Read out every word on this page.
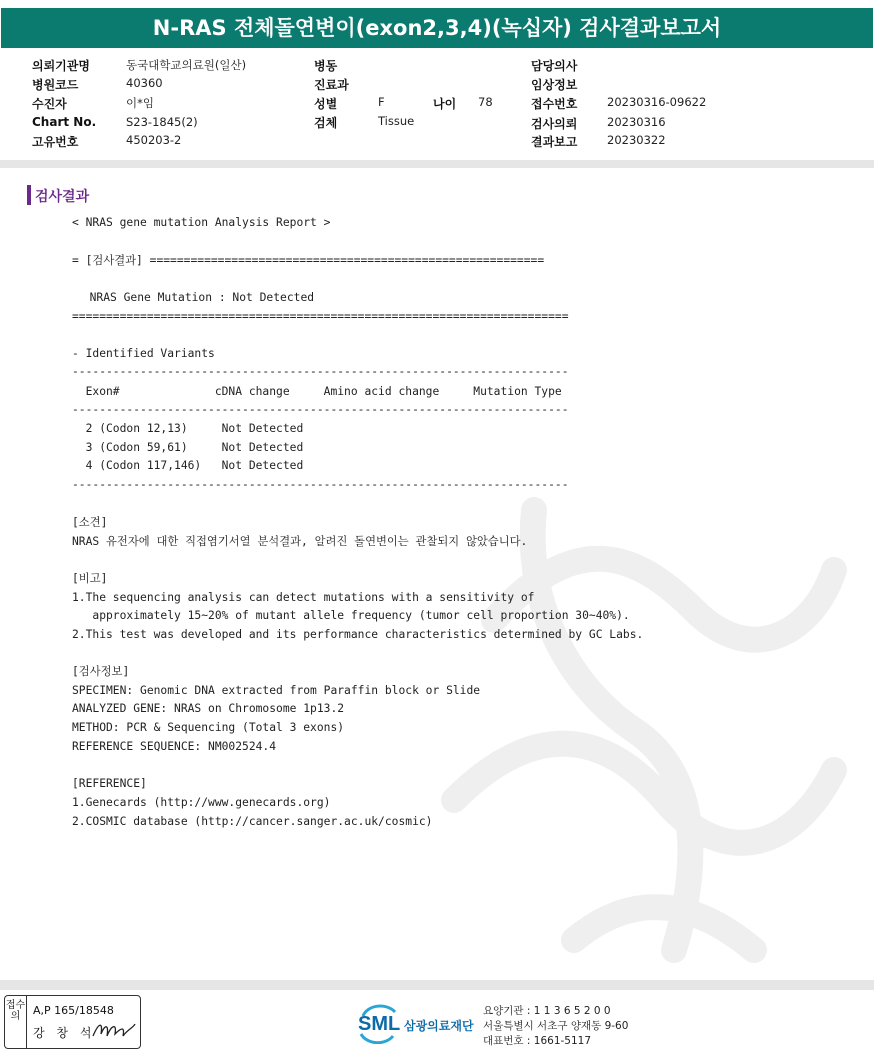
N-RAS 전체돌연변이(exon2,3,4)(녹십자) 검사결과보고서
의뢰기관명	동국대학교의료원(일산)
병원코드	40360
수진자	이*임
Chart No.	S23-1845(2)
고유번호	450203-2
병동
진료과
성별	F	나이 78
검체	Tissue
담당의사
임상정보
접수번호	20230316-09622
검사의뢰	20230316
결과보고	20230322
검사결과
< NRAS gene mutation Analysis Report >
= [검사결과] ==========================================================
NRAS Gene Mutation : Not Detected
=========================================================================
- Identified Variants
-------------------------------------------------------------------------
Exon#              cDNA change     Amino acid change     Mutation Type
-------------------------------------------------------------------------
2 (Codon 12,13)     Not Detected
3 (Codon 59,61)     Not Detected
4 (Codon 117,146)   Not Detected
-------------------------------------------------------------------------
[소견]
NRAS 유전자에 대한 직접염기서열 분석결과, 알려진 돌연변이는 관찰되지 않았습니다.
[비고]
1.The sequencing analysis can detect mutations with a sensitivity of
approximately 15~20% of mutant allele frequency (tumor cell proportion 30~40%).
2.This test was developed and its performance characteristics determined by GC Labs.
[검사정보]
SPECIMEN: Genomic DNA extracted from Paraffin block or Slide
ANALYZED GENE: NRAS on Chromosome 1p13.2
METHOD: PCR & Sequencing (Total 3 exons)
REFERENCE SEQUENCE: NM002524.4
[REFERENCE]
1.Genecards (http://www.genecards.org)
2.COSMIC database (http://cancer.sanger.ac.uk/cosmic)
접수의	A,P 165/18548
강 창 석	SML 삼광의료재단
요양기관 : 1 1 3 6 5 2 0 0
서울특별시 서초구 양재동 9-60
대표번호 : 1661-5117
